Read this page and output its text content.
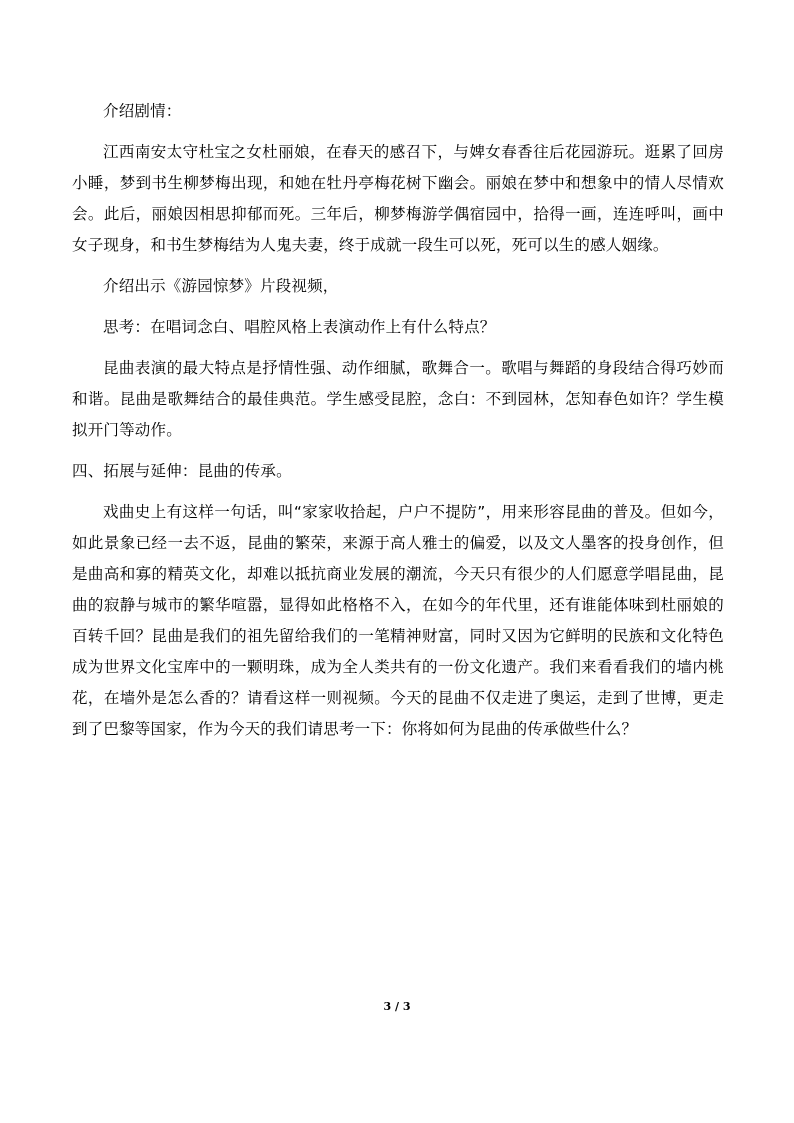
介绍剧情：

江西南安太守杜宝之女杜丽娘，在春天的感召下，与婢女春香往后花园游玩。逛累了回房小睡，梦到书生柳梦梅出现，和她在牡丹亭梅花树下幽会。丽娘在梦中和想象中的情人尽情欢会。此后，丽娘因相思抑郁而死。三年后，柳梦梅游学偶宿园中，拾得一画，连连呼叫，画中女子现身，和书生梦梅结为人鬼夫妻，终于成就一段生可以死，死可以生的感人姻缘。

介绍出示《游园惊梦》片段视频，

思考：在唱词念白、唱腔风格上表演动作上有什么特点？

昆曲表演的最大特点是抒情性强、动作细腻，歌舞合一。歌唱与舞蹈的身段结合得巧妙而和谐。昆曲是歌舞结合的最佳典范。学生感受昆腔，念白：不到园林，怎知春色如许？学生模拟开门等动作。

四、拓展与延伸：昆曲的传承。

戏曲史上有这样一句话，叫“家家收拾起，户户不提防”，用来形容昆曲的普及。但如今，如此景象已经一去不返，昆曲的繁荣，来源于高人雅士的偏爱，以及文人墨客的投身创作，但是曲高和寡的精英文化，却难以抵抗商业发展的潮流，今天只有很少的人们愿意学唱昆曲，昆曲的寂静与城市的繁华喧嚣，显得如此格格不入，在如今的年代里，还有谁能体味到杜丽娘的百转千回？昆曲是我们的祖先留给我们的一笔精神财富，同时又因为它鲜明的民族和文化特色成为世界文化宝库中的一颗明珠，成为全人类共有的一份文化遗产。我们来看看我们的墙内桃花，在墙外是怎么香的？请看这样一则视频。今天的昆曲不仅走进了奥运，走到了世博，更走到了巴黎等国家，作为今天的我们请思考一下：你将如何为昆曲的传承做些什么？

3 / 3
